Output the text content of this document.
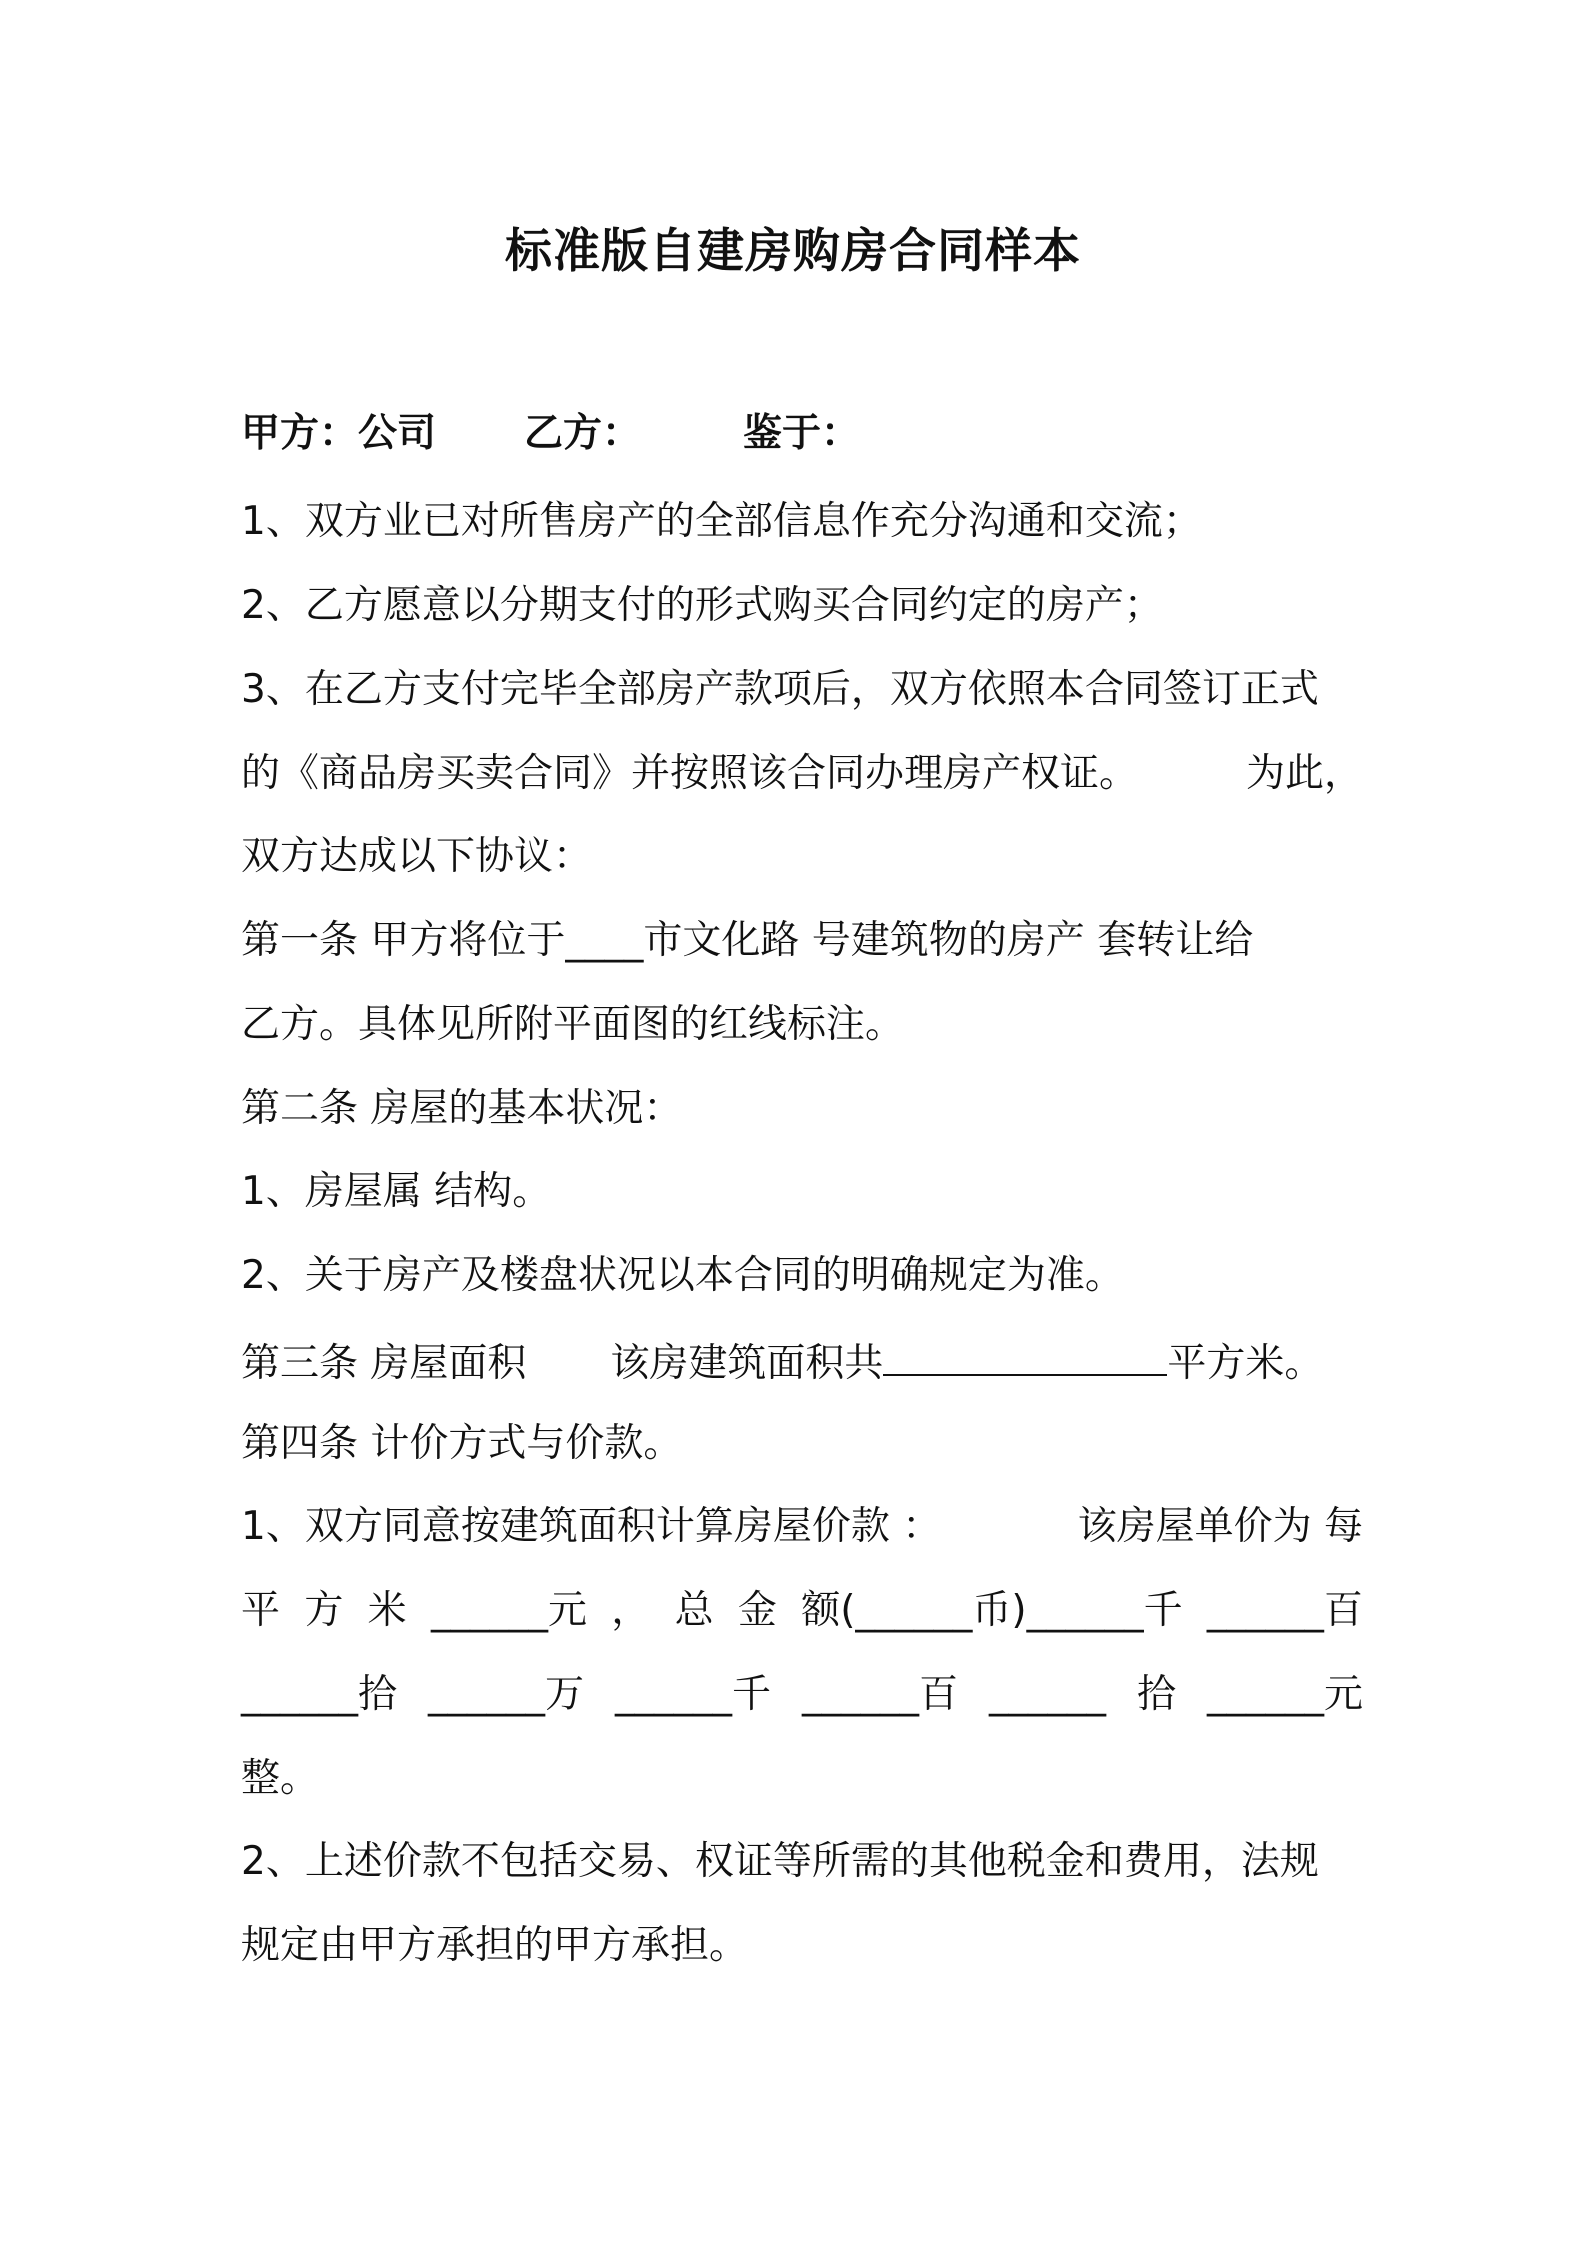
标准版自建房购房合同样本
甲方：公司 乙方：	鉴于：
1、双方业已对所售房产的全部信息作充分沟通和交流；
2、乙方愿意以分期支付的形式购买合同约定的房产；
3、在乙方支付完毕全部房产款项后，双方依照本合同签订正式
的《商品房买卖合同》并按照该合同办理房产权证。	为此，
双方达成以下协议：
第一条 甲方将位于____市文化路 号建筑物的房产 套转让给
乙方。具体见所附平面图的红线标注。
第二条 房屋的基本状况：
1、房屋属 结构。
2、关于房产及楼盘状况以本合同的明确规定为准。
第三条 房屋面积 该房建筑面积共	平方米。
第四条 计价方式与价款。
1、双方同意按建筑面积计算房屋价款 ：	该房屋单价为 每
平 方 米 ______元 ， 总 金 额(______币)______千 ______百
______拾 ______万 ______千 ______百 ______ 拾 ______元
整。
2、上述价款不包括交易、权证等所需的其他税金和费用，法规
规定由甲方承担的甲方承担。
